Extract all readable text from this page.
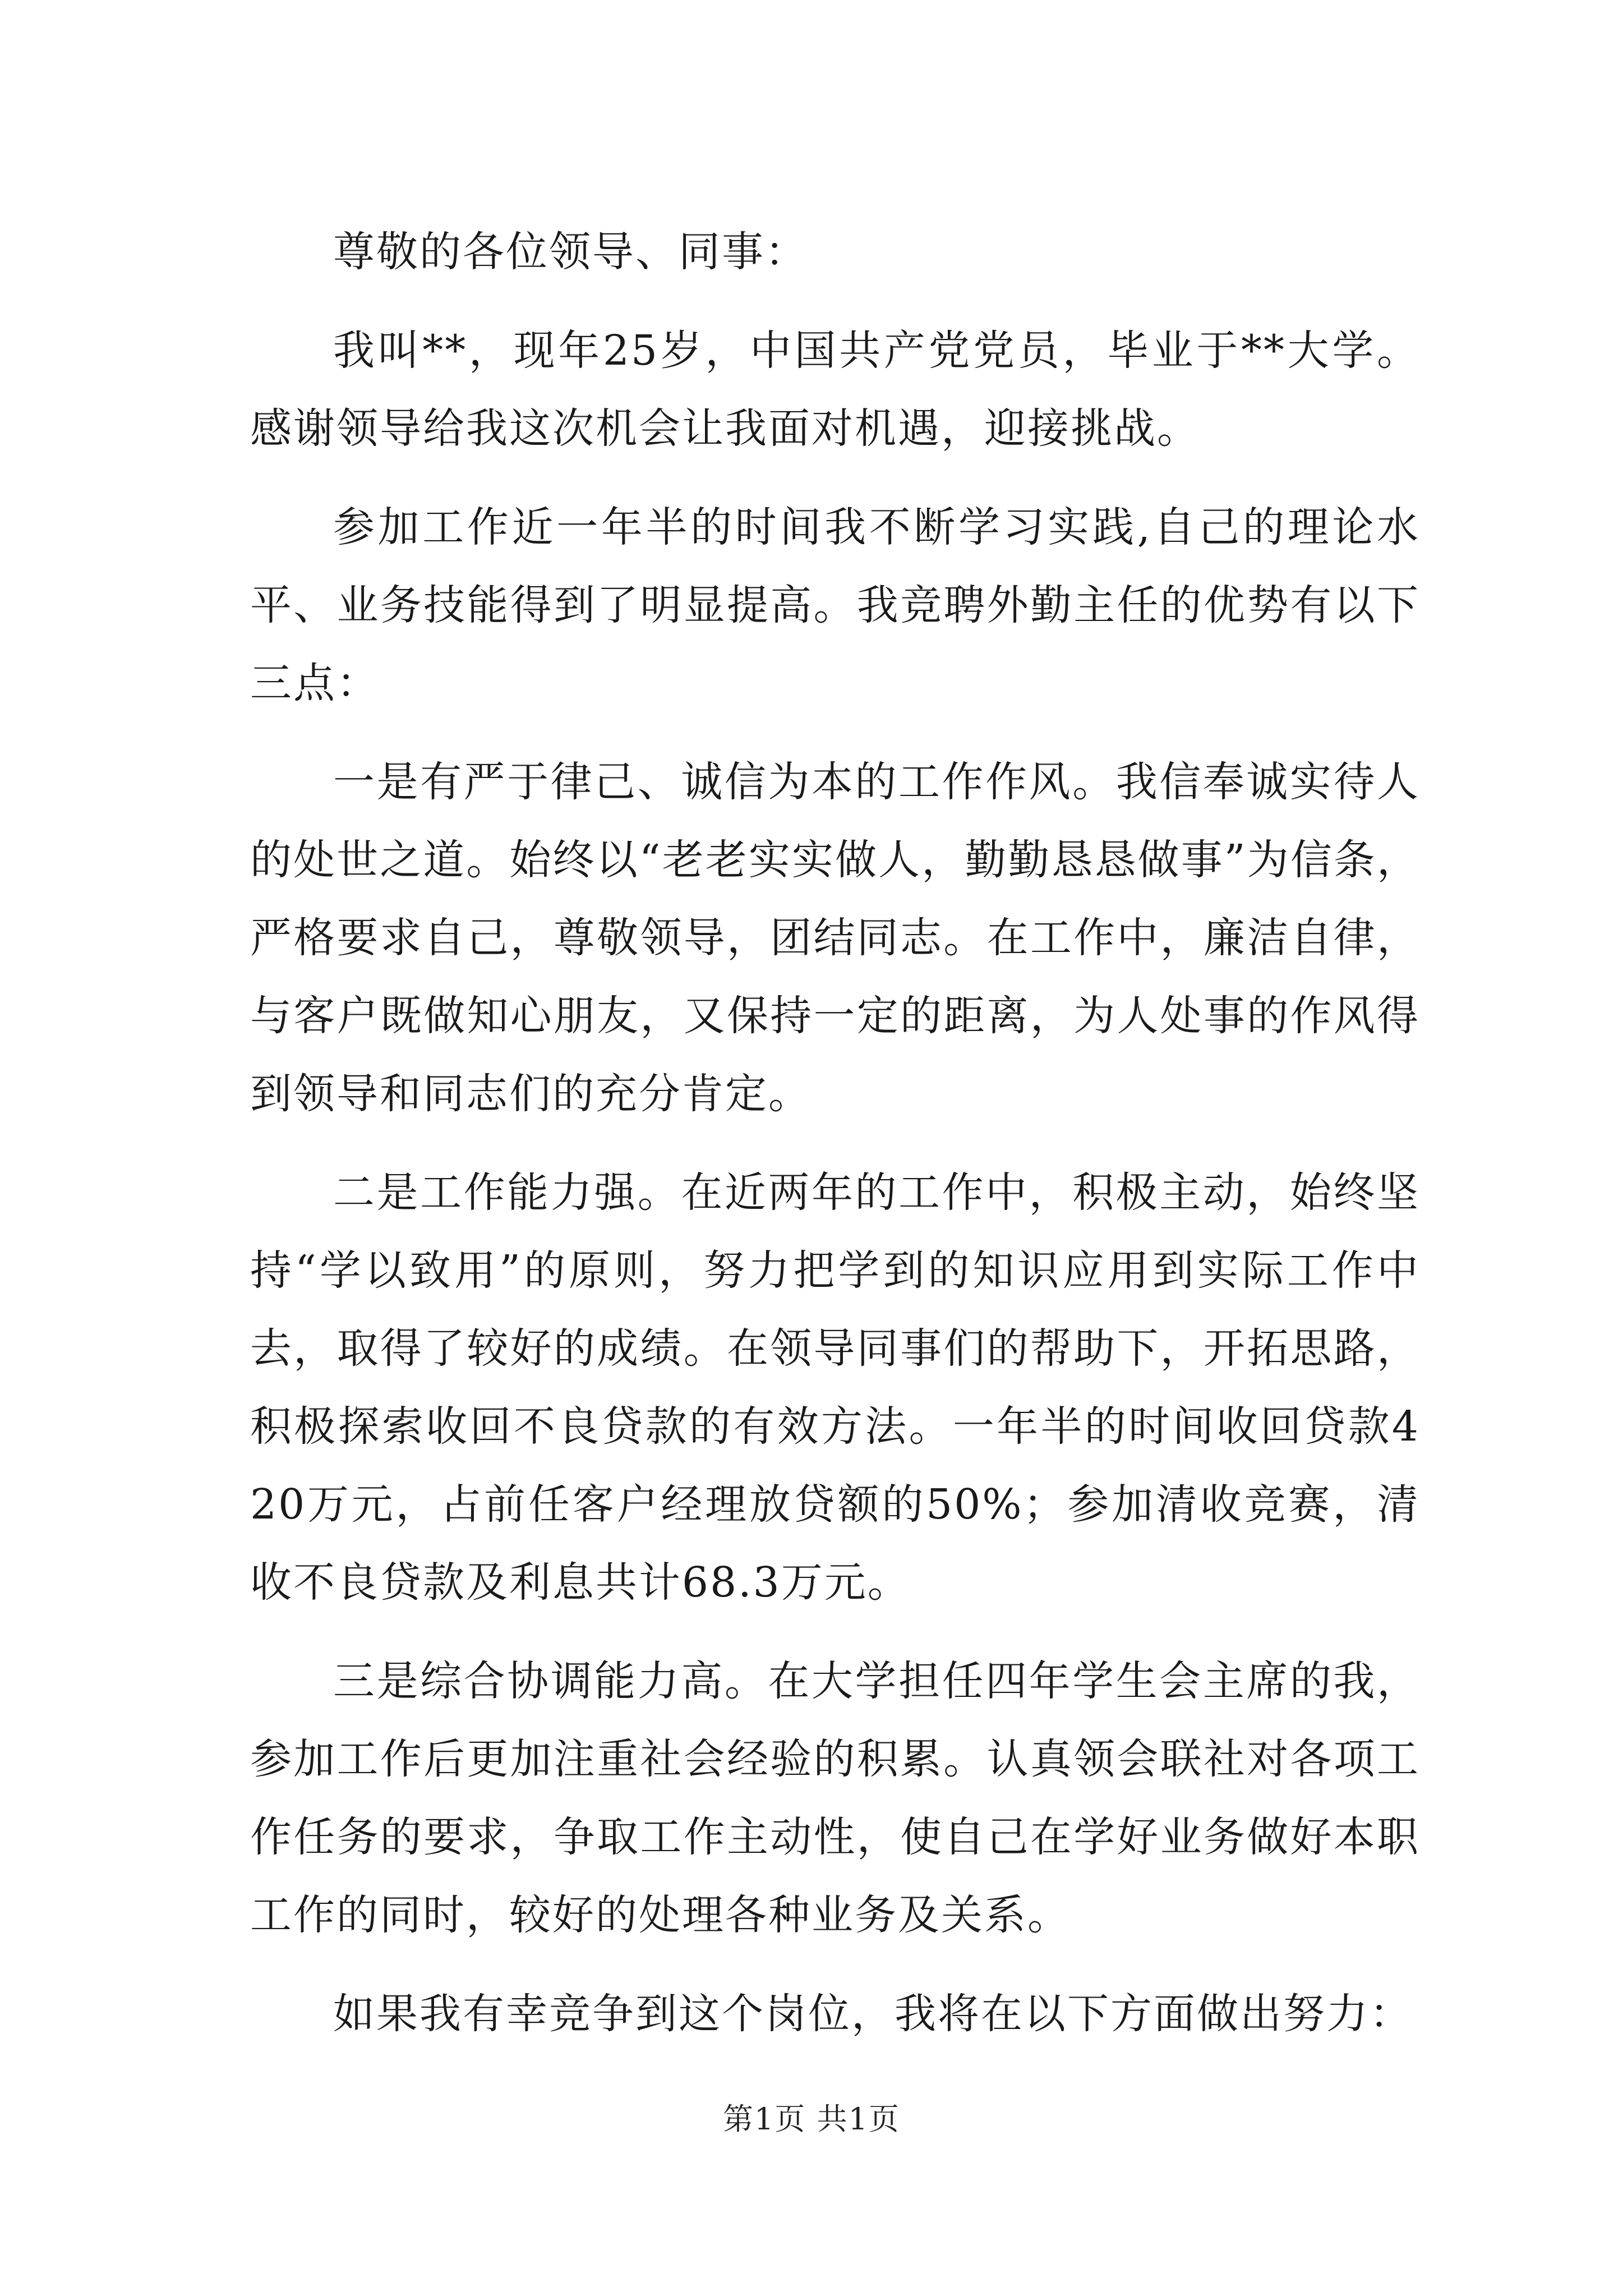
尊敬的各位领导、同事：

我叫**，现年25岁，中国共产党党员，毕业于**大学。感谢领导给我这次机会让我面对机遇，迎接挑战。

参加工作近一年半的时间我不断学习实践,自己的理论水平、业务技能得到了明显提高。我竞聘外勤主任的优势有以下三点：

一是有严于律己、诚信为本的工作作风。我信奉诚实待人的处世之道。始终以“老老实实做人，勤勤恳恳做事”为信条，严格要求自己，尊敬领导，团结同志。在工作中，廉洁自律，与客户既做知心朋友，又保持一定的距离，为人处事的作风得到领导和同志们的充分肯定。

二是工作能力强。在近两年的工作中，积极主动，始终坚持“学以致用”的原则，努力把学到的知识应用到实际工作中去，取得了较好的成绩。在领导同事们的帮助下，开拓思路，积极探索收回不良贷款的有效方法。一年半的时间收回贷款420万元，占前任客户经理放贷额的50%；参加清收竞赛，清收不良贷款及利息共计68.3万元。

三是综合协调能力高。在大学担任四年学生会主席的我，参加工作后更加注重社会经验的积累。认真领会联社对各项工作任务的要求，争取工作主动性，使自己在学好业务做好本职工作的同时，较好的处理各种业务及关系。

如果我有幸竞争到这个岗位，我将在以下方面做出努力：

第1页 共1页
